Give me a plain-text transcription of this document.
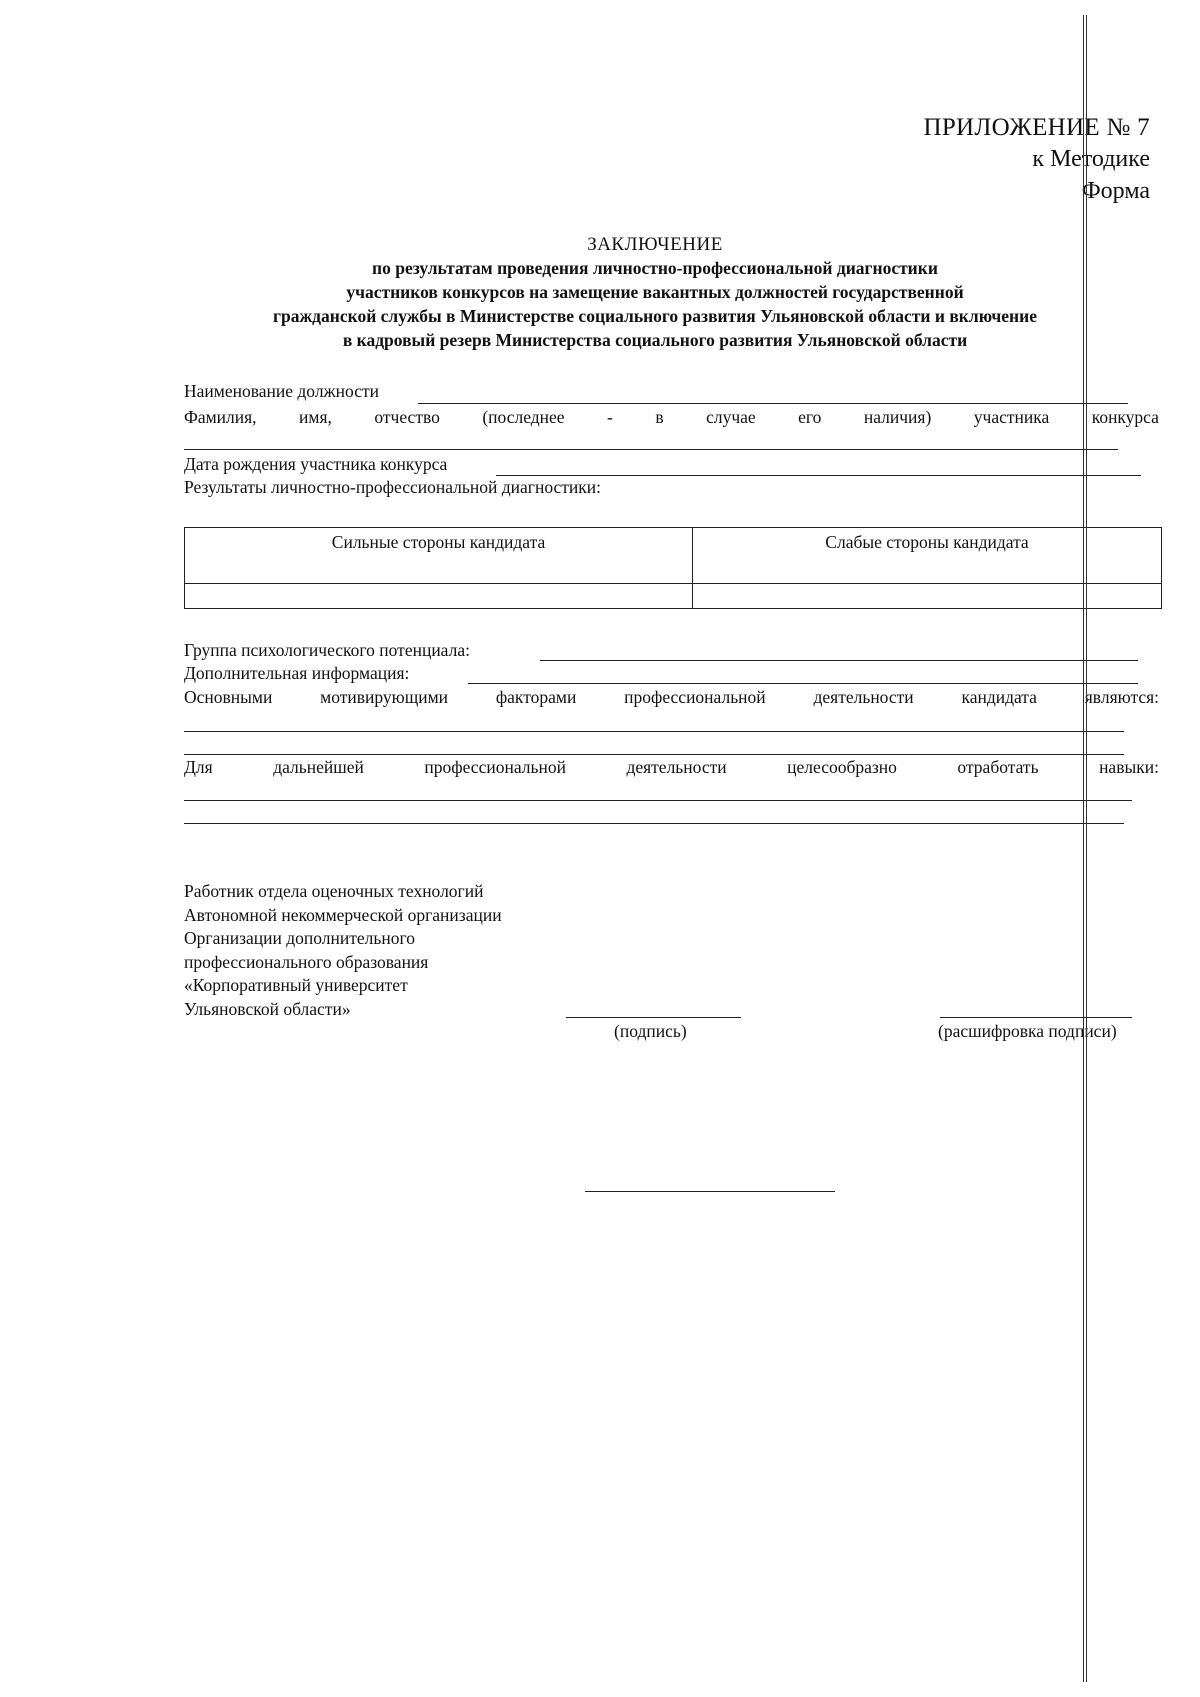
ПРИЛОЖЕНИЕ № 7
к Методике
Форма
ЗАКЛЮЧЕНИЕ
по результатам проведения личностно-профессиональной диагностики
участников конкурсов на замещение вакантных должностей государственной
гражданской службы в Министерстве социального развития Ульяновской области и включение
в кадровый резерв Министерства социального развития Ульяновской области
Наименование должности
Фамилия, имя, отчество (последнее - в случае его наличия) участника конкурса
Дата рождения участника конкурса
Результаты личностно-профессиональной диагностики:
Сильные стороны кандидата	Слабые стороны кандидата

Группа психологического потенциала:
Дополнительная информация:
Основными	мотивирующими	факторами	профессиональной	деятельности	кандидата	являются:
Для	дальнейшей	профессиональной	деятельности	целесообразно	отработать	навыки:
Работник отдела оценочных технологий
Автономной некоммерческой организации
Организации дополнительного
профессионального образования
«Корпоративный университет
Ульяновской области»
(подпись)	(расшифровка подписи)
